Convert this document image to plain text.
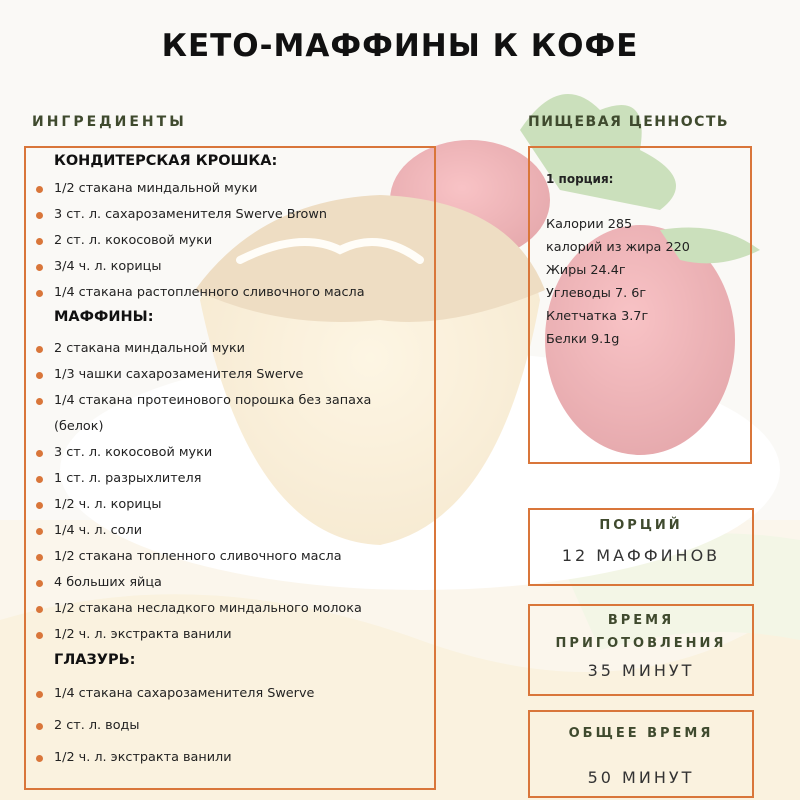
КЕТО-МАФФИНЫ К КОФЕ

ИНГРЕДИЕНТЫ

КОНДИТЕРСКАЯ КРОШКА:

1/2 стакана миндальной муки
3 ст. л. сахарозаменителя Swerve Brown
2 ст. л. кокосовой муки
3/4 ч. л. корицы
1/4 стакана растопленного сливочного масла

МАФФИНЫ:

2 стакана миндальной муки
1/3 чашки сахарозаменителя Swerve
1/4 стакана протеинового порошка без запаха
(белок)
3 ст. л. кокосовой муки
1 ст. л. разрыхлителя
1/2 ч. л. корицы
1/4 ч. л. соли
1/2 стакана топленного сливочного масла
4 больших яйца
1/2 стакана несладкого миндального молока
1/2 ч. л. экстракта ванили

ГЛАЗУРЬ:

1/4 стакана сахарозаменителя Swerve
2 ст. л. воды
1/2 ч. л. экстракта ванили

ПИЩЕВАЯ ЦЕННОСТЬ

1 порция:
Калории 285
калорий из жира 220
Жиры 24.4г
Углеводы 7. 6г
Клетчатка 3.7г
Белки 9.1g
ПОРЦИЙ
12 МАФФИНОВ
ВРЕМЯ
ПРИГОТОВЛЕНИЯ
35 МИНУТ
ОБЩЕЕ ВРЕМЯ
50 МИНУТ
